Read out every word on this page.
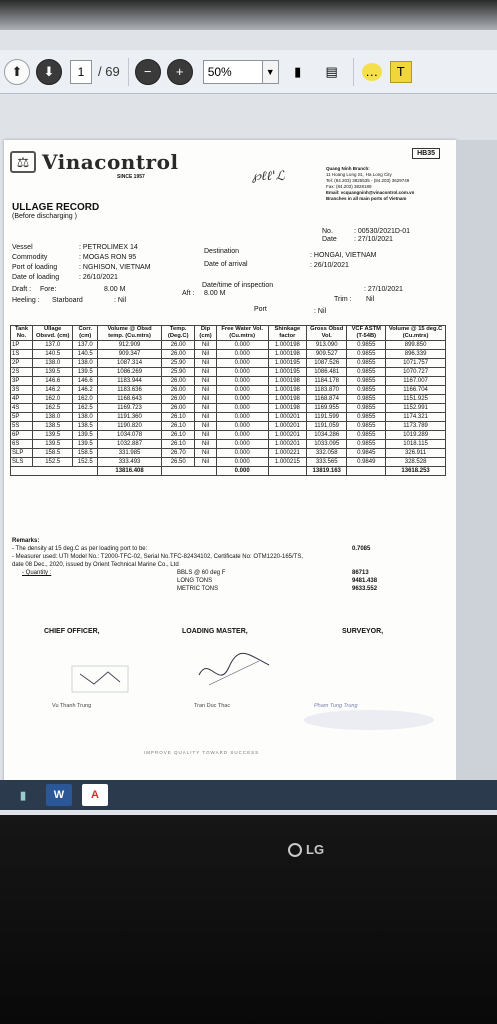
⬆	⬇	1	/ 69	−	+	50%	▼	▮	▤	…	T
⚖ Vinacontrol
SINCE 1957	℘ℓℓ'ℒ
HB35
Quang Ninh Branch:
11 Hoang Long St., Ha Long City
Tel: (84.203) 3825535 - (84.203) 3629749
Fax: (84.203) 3828189
Email: vcquangninh@vinacontrol.com.vn
Branches in all main ports of Vietnam
ULLAGE RECORD
(Before discharging )
No.	: 00530/2021D-01
Date : 27/10/2021
Vessel	: PETROLIMEX 14
Commodity	: MOGAS RON 95
Port of loading	: NGHISON, VIETNAM
Date of loading	: 26/10/2021
Destination
: HONGAI, VIETNAM
Date of arrival	: 26/10/2021
Draft : Fore:	8.00 M
Aft : 8.00 M
Date/time of inspection
: 27/10/2021
Trim : Nil
Heeling : Starboard	: Nil
Port	: Nil
Tank No.	Ullage Obsvd. (cm)	Corr. (cm)	Volume @ Obsd temp. (Cu.mtrs)	Temp. (Deg.C)	Dip (cm)	Free Water Vol. (Cu.mtrs)	Shinkage factor	Gross Obsd Vol.	VCF ASTM (T-54B)	Volume @ 15 deg.C (Cu.mtrs)
1P	137.0	137.0	912.909	26.00	Nil	0.000	1.000198	913.090	0.9855	899.850
1S	140.5	140.5	909.347	26.00	Nil	0.000	1.000198	909.527	0.9855	896.339
2P	138.0	138.0	1087.314	25.90	Nil	0.000	1.000195	1087.526	0.9855	1071.757
2S	139.5	139.5	1086.269	25.90	Nil	0.000	1.000195	1086.481	0.9855	1070.727
3P	146.6	146.6	1183.944	26.00	Nil	0.000	1.000198	1184.178	0.9855	1167.007
3S	146.2	146.2	1183.636	26.00	Nil	0.000	1.000198	1183.870	0.9855	1166.704
4P	162.0	162.0	1168.643	26.00	Nil	0.000	1.000198	1168.874	0.9855	1151.925
4S	162.5	162.5	1169.723	26.00	Nil	0.000	1.000198	1169.955	0.9855	1152.991
5P	138.0	138.0	1191.360	26.10	Nil	0.000	1.000201	1191.599	0.9855	1174.321
5S	138.5	138.5	1190.820	26.10	Nil	0.000	1.000201	1191.059	0.9855	1173.789
6P	139.5	139.5	1034.078	26.10	Nil	0.000	1.000201	1034.286	0.9855	1019.289
6S	139.5	139.5	1032.887	26.10	Nil	0.000	1.000201	1033.095	0.9855	1018.115
SLP	158.5	158.5	331.985	26.70	Nil	0.000	1.000221	332.058	0.9845	326.911
SLS	152.5	152.5	333.493	26.50	Nil	0.000	1.000215	333.565	0.9849	328.528
			13816.408			0.000		13819.163		13618.253
Remarks:
- The density at 15 deg.C as per loading port to be:	0.7085
- Measurer used: UTI Model No.: T2000-TFC-02, Serial No.TFC-82434102, Certificate No: OTM1220-165/TS,
date 08 Dec., 2020, issued by Orient Technical Marine Co., Ltd
- Quantity :	BBLS @ 60 deg F	86713
LONG TONS	9481.438
METRIC TONS	9633.552
CHIEF OFFICER,	LOADING MASTER,	SURVEYOR,
Vu Thanh Trung	Tran Duc Thac	Pham Tung Trung
IMPROVE QUALITY TOWARD SUCCESS
▮	W	A
LG
